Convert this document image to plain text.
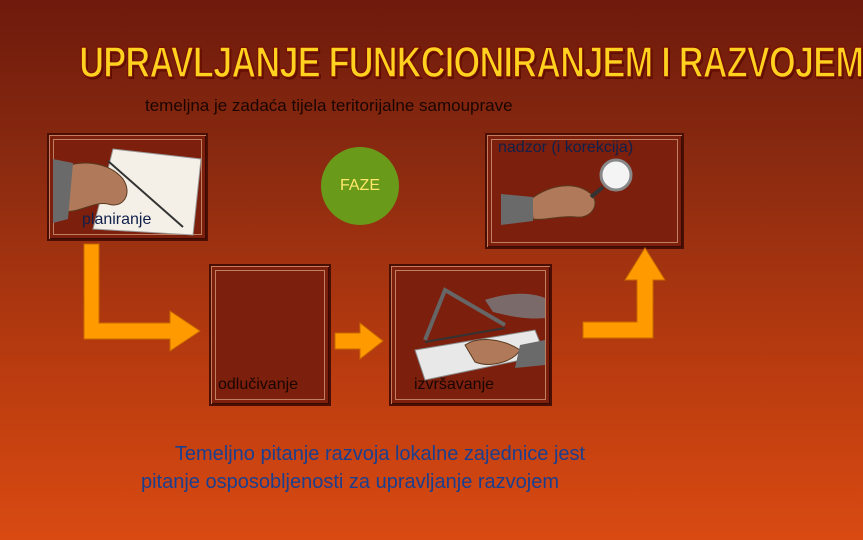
UPRAVLJANJE FUNKCIONIRANJEM I RAZVOJEM
temeljna je zadaća tijela teritorijalne samouprave
planiranje
odlučivanje	izvršavanje
nadzor (i korekcija)
FAZE
Temeljno pitanje razvoja lokalne zajednice jest
pitanje osposobljenosti za upravljanje razvojem
